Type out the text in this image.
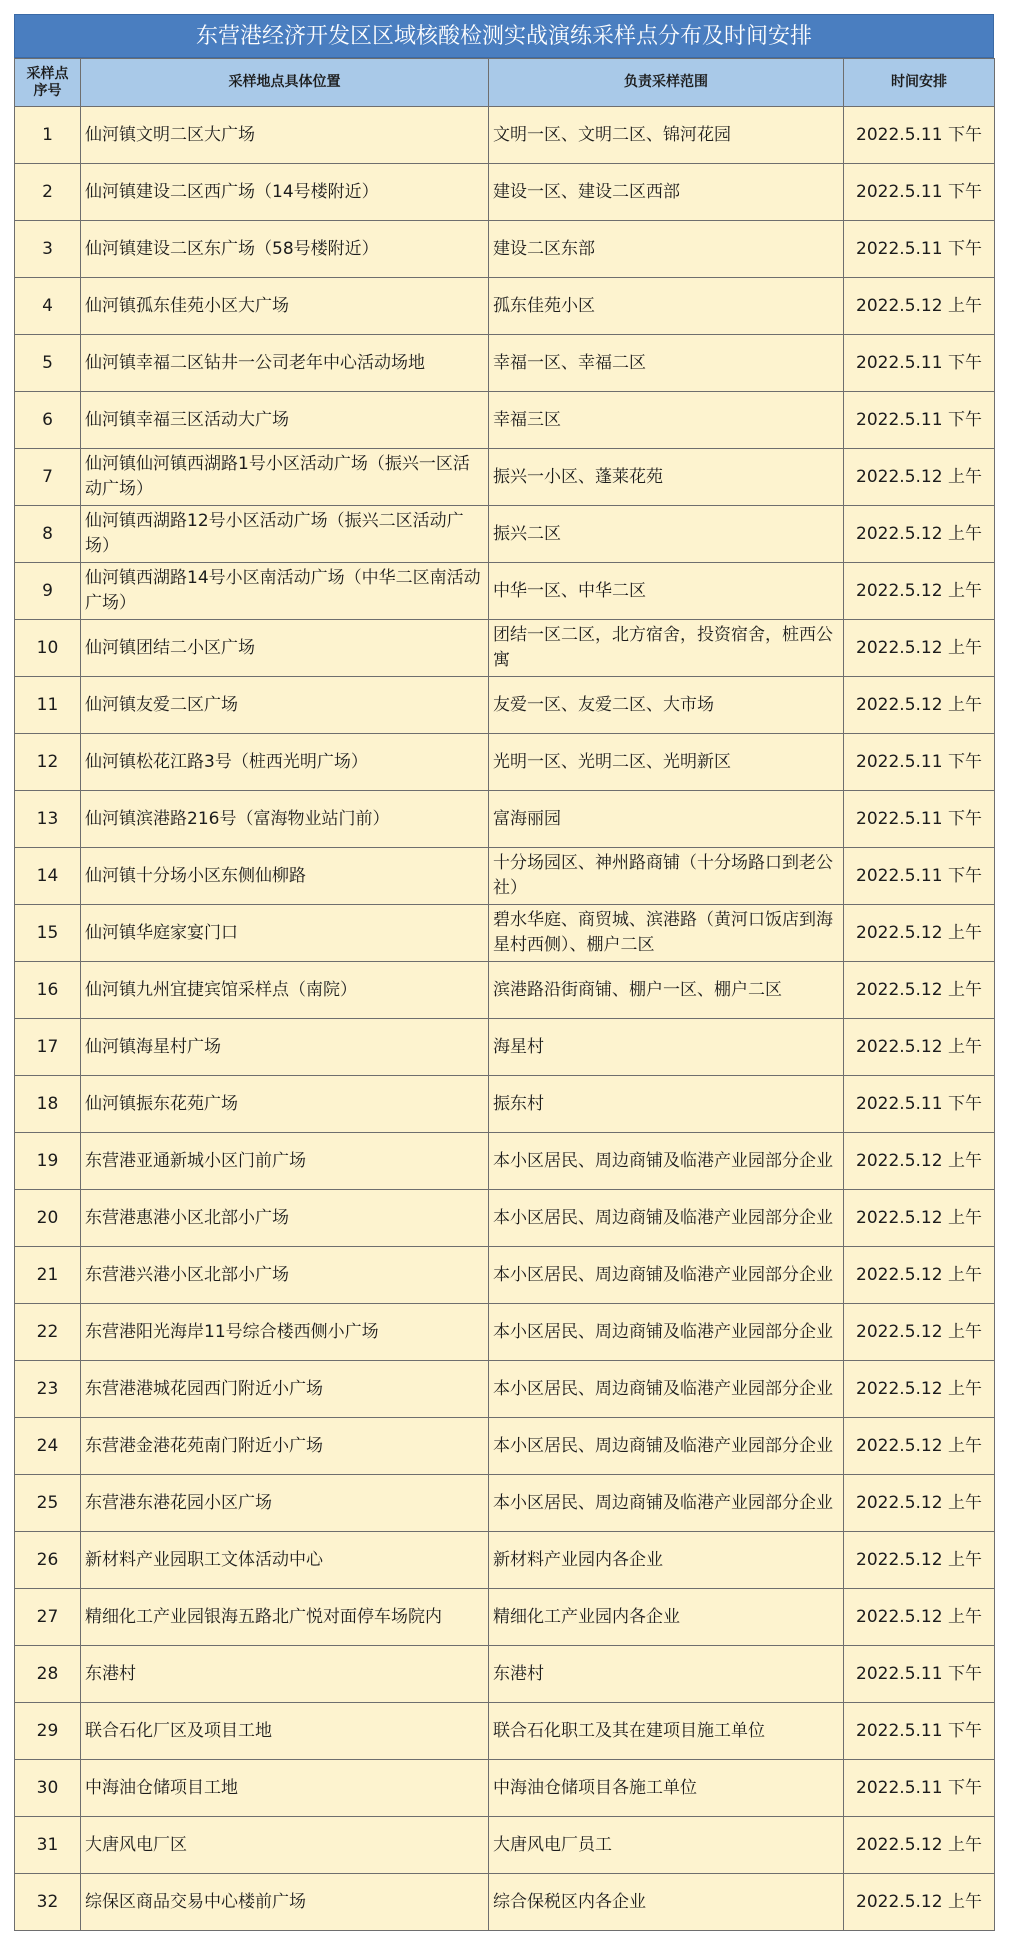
东营港经济开发区区域核酸检测实战演练采样点分布及时间安排
采样点
序号	采样地点具体位置	负责采样范围	时间安排
1	仙河镇文明二区大广场	文明一区、文明二区、锦河花园	2022.5.11 下午
2	仙河镇建设二区西广场（14号楼附近）	建设一区、建设二区西部	2022.5.11 下午
3	仙河镇建设二区东广场（58号楼附近）	建设二区东部	2022.5.11 下午
4	仙河镇孤东佳苑小区大广场	孤东佳苑小区	2022.5.12 上午
5	仙河镇幸福二区钻井一公司老年中心活动场地	幸福一区、幸福二区	2022.5.11 下午
6	仙河镇幸福三区活动大广场	幸福三区	2022.5.11 下午
7	仙河镇仙河镇西湖路1号小区活动广场（振兴一区活动广场）	振兴一小区、蓬莱花苑	2022.5.12 上午
8	仙河镇西湖路12号小区活动广场（振兴二区活动广场）	振兴二区	2022.5.12 上午
9	仙河镇西湖路14号小区南活动广场（中华二区南活动广场）	中华一区、中华二区	2022.5.12 上午
10	仙河镇团结二小区广场	团结一区二区，北方宿舍，投资宿舍，桩西公寓	2022.5.12 上午
11	仙河镇友爱二区广场	友爱一区、友爱二区、大市场	2022.5.12 上午
12	仙河镇松花江路3号（桩西光明广场）	光明一区、光明二区、光明新区	2022.5.11 下午
13	仙河镇滨港路216号（富海物业站门前）	富海丽园	2022.5.11 下午
14	仙河镇十分场小区东侧仙柳路	十分场园区、神州路商铺（十分场路口到老公社）	2022.5.11 下午
15	仙河镇华庭家宴门口	碧水华庭、商贸城、滨港路（黄河口饭店到海星村西侧）、棚户二区	2022.5.12 上午
16	仙河镇九州宜捷宾馆采样点（南院）	滨港路沿街商铺、棚户一区、棚户二区	2022.5.12 上午
17	仙河镇海星村广场	海星村	2022.5.12 上午
18	仙河镇振东花苑广场	振东村	2022.5.11 下午
19	东营港亚通新城小区门前广场	本小区居民、周边商铺及临港产业园部分企业	2022.5.12 上午
20	东营港惠港小区北部小广场	本小区居民、周边商铺及临港产业园部分企业	2022.5.12 上午
21	东营港兴港小区北部小广场	本小区居民、周边商铺及临港产业园部分企业	2022.5.12 上午
22	东营港阳光海岸11号综合楼西侧小广场	本小区居民、周边商铺及临港产业园部分企业	2022.5.12 上午
23	东营港港城花园西门附近小广场	本小区居民、周边商铺及临港产业园部分企业	2022.5.12 上午
24	东营港金港花苑南门附近小广场	本小区居民、周边商铺及临港产业园部分企业	2022.5.12 上午
25	东营港东港花园小区广场	本小区居民、周边商铺及临港产业园部分企业	2022.5.12 上午
26	新材料产业园职工文体活动中心	新材料产业园内各企业	2022.5.12 上午
27	精细化工产业园银海五路北广悦对面停车场院内	精细化工产业园内各企业	2022.5.12 上午
28	东港村	东港村	2022.5.11 下午
29	联合石化厂区及项目工地	联合石化职工及其在建项目施工单位	2022.5.11 下午
30	中海油仓储项目工地	中海油仓储项目各施工单位	2022.5.11 下午
31	大唐风电厂区	大唐风电厂员工	2022.5.12 上午
32	综保区商品交易中心楼前广场	综合保税区内各企业	2022.5.12 上午
